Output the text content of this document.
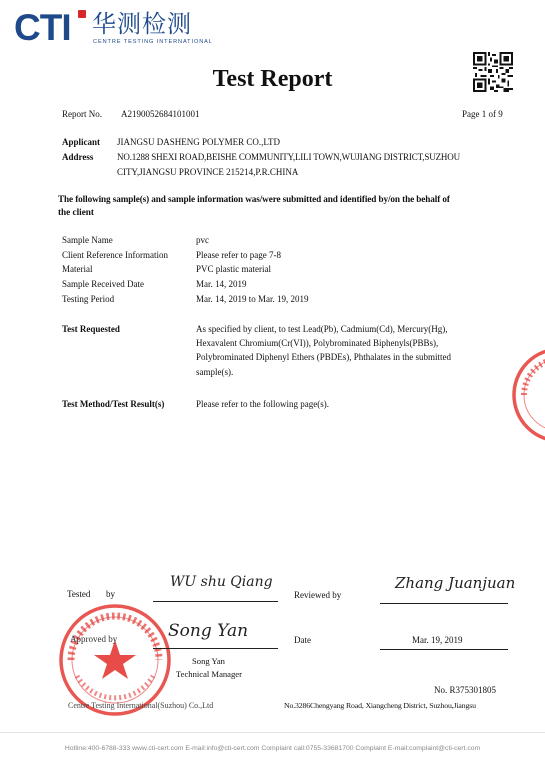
CTI 华测检测
CENTRE TESTING INTERNATIONAL
Test Report
Report No. A2190052684101001	Page 1 of 9
Applicant JIANGSU DASHENG POLYMER CO.,LTD
Address	NO.1288 SHEXI ROAD,BEISHE COMMUNITY,LILI TOWN,WUJIANG DISTRICT,SUZHOU
CITY,JIANGSU PROVINCE 215214,P.R.CHINA
The following sample(s) and sample information was/were submitted and identified by/on the behalf of
the client
Sample Name	pvc
Client Reference Information	Please refer to page 7-8
Material	PVC plastic material
Sample Received Date	Mar. 14, 2019
Testing Period	Mar. 14, 2019 to Mar. 19, 2019
Test Requested	As specified by client, to test Lead(Pb), Cadmium(Cd), Mercury(Hg),
Hexavalent Chromium(Cr(VI)), Polybrominated Biphenyls(PBBs),
Polybrominated Diphenyl Ethers (PBDEs), Phthalates in the submitted
sample(s).
Test Method/Test Result(s)	Please refer to the following page(s).
Tested by
WU shu Qiang
Reviewed by
Zhang Juanjuan
Approved by	Song Yan
Song Yan
Technical Manager
Date	Mar. 19, 2019
No. R375301805
Centre Testing International(Suzhou) Co.,Ltd	No.3286Chengyang Road, Xiangcheng District, Suzhou,Jiangsu
Hotline:400-6788-333 www.cti-cert.com E-mail:info@cti-cert.com Complaint call:0755-33681700 Complaint E-mail:complaint@cti-cert.com
